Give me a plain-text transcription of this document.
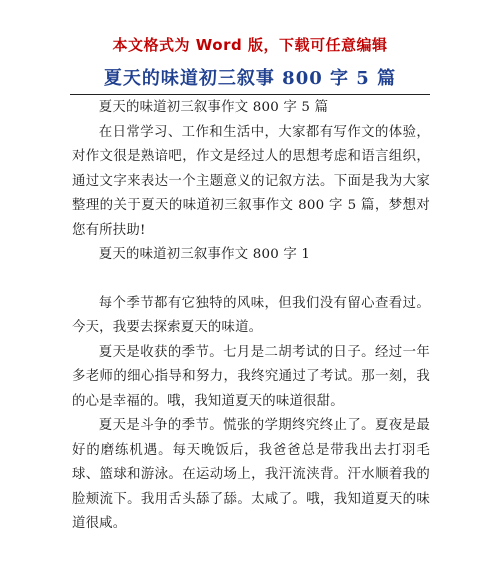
本文格式为 Word 版，下载可任意编辑
夏天的味道初三叙事 800 字 5 篇

夏天的味道初三叙事作文 800 字 5 篇

在日常学习、工作和生活中，大家都有写作文的体验，对作文很是熟谙吧，作文是经过人的思想考虑和语言组织，通过文字来表达一个主题意义的记叙方法。下面是我为大家整理的关于夏天的味道初三叙事作文 800 字 5 篇，梦想对您有所扶助!

夏天的味道初三叙事作文 800 字 1

每个季节都有它独特的风味，但我们没有留心查看过。今天，我要去探索夏天的味道。

夏天是收获的季节。七月是二胡考试的日子。经过一年多老师的细心指导和努力，我终究通过了考试。那一刻，我的心是幸福的。哦，我知道夏天的味道很甜。

夏天是斗争的季节。慌张的学期终究终止了。夏夜是最好的磨练机遇。每天晚饭后，我爸爸总是带我出去打羽毛球、篮球和游泳。在运动场上，我汗流浃背。汗水顺着我的脸颊流下。我用舌头舔了舔。太咸了。哦，我知道夏天的味道很咸。
